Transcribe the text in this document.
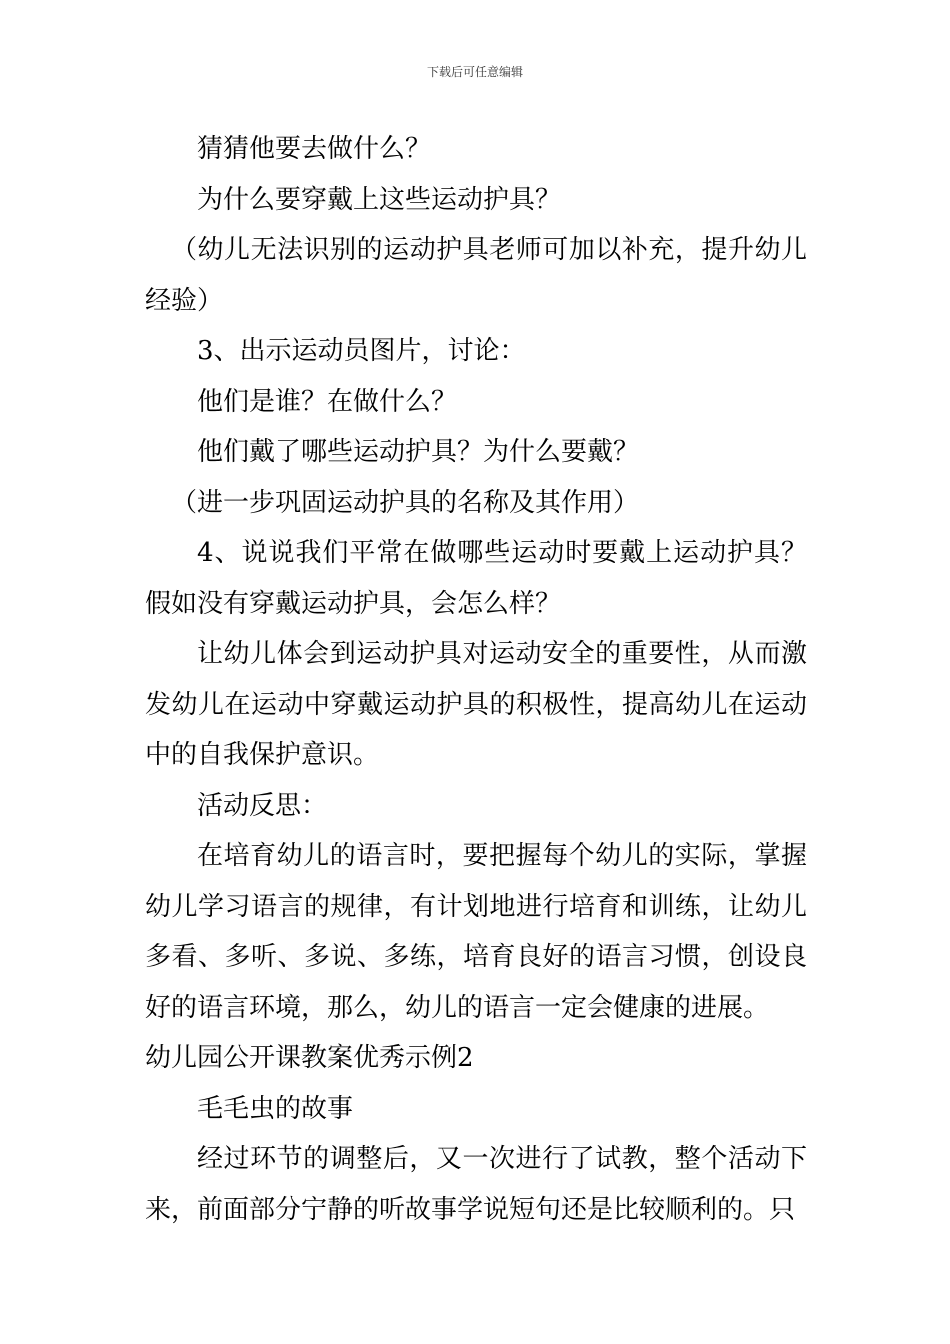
下载后可任意编辑

猜猜他要去做什么？

为什么要穿戴上这些运动护具？

（幼儿无法识别的运动护具老师可加以补充，提升幼儿经验）

3、出示运动员图片，讨论：

他们是谁？在做什么？

他们戴了哪些运动护具？为什么要戴？

（进一步巩固运动护具的名称及其作用）

4、说说我们平常在做哪些运动时要戴上运动护具？假如没有穿戴运动护具，会怎么样？

让幼儿体会到运动护具对运动安全的重要性，从而激发幼儿在运动中穿戴运动护具的积极性，提高幼儿在运动中的自我保护意识。

活动反思：

在培育幼儿的语言时，要把握每个幼儿的实际，掌握幼儿学习语言的规律，有计划地进行培育和训练，让幼儿多看、多听、多说、多练，培育良好的语言习惯，创设良好的语言环境，那么，幼儿的语言一定会健康的进展。

幼儿园公开课教案优秀示例2

毛毛虫的故事

经过环节的调整后，又一次进行了试教，整个活动下来，前面部分宁静的听故事学说短句还是比较顺利的。只
